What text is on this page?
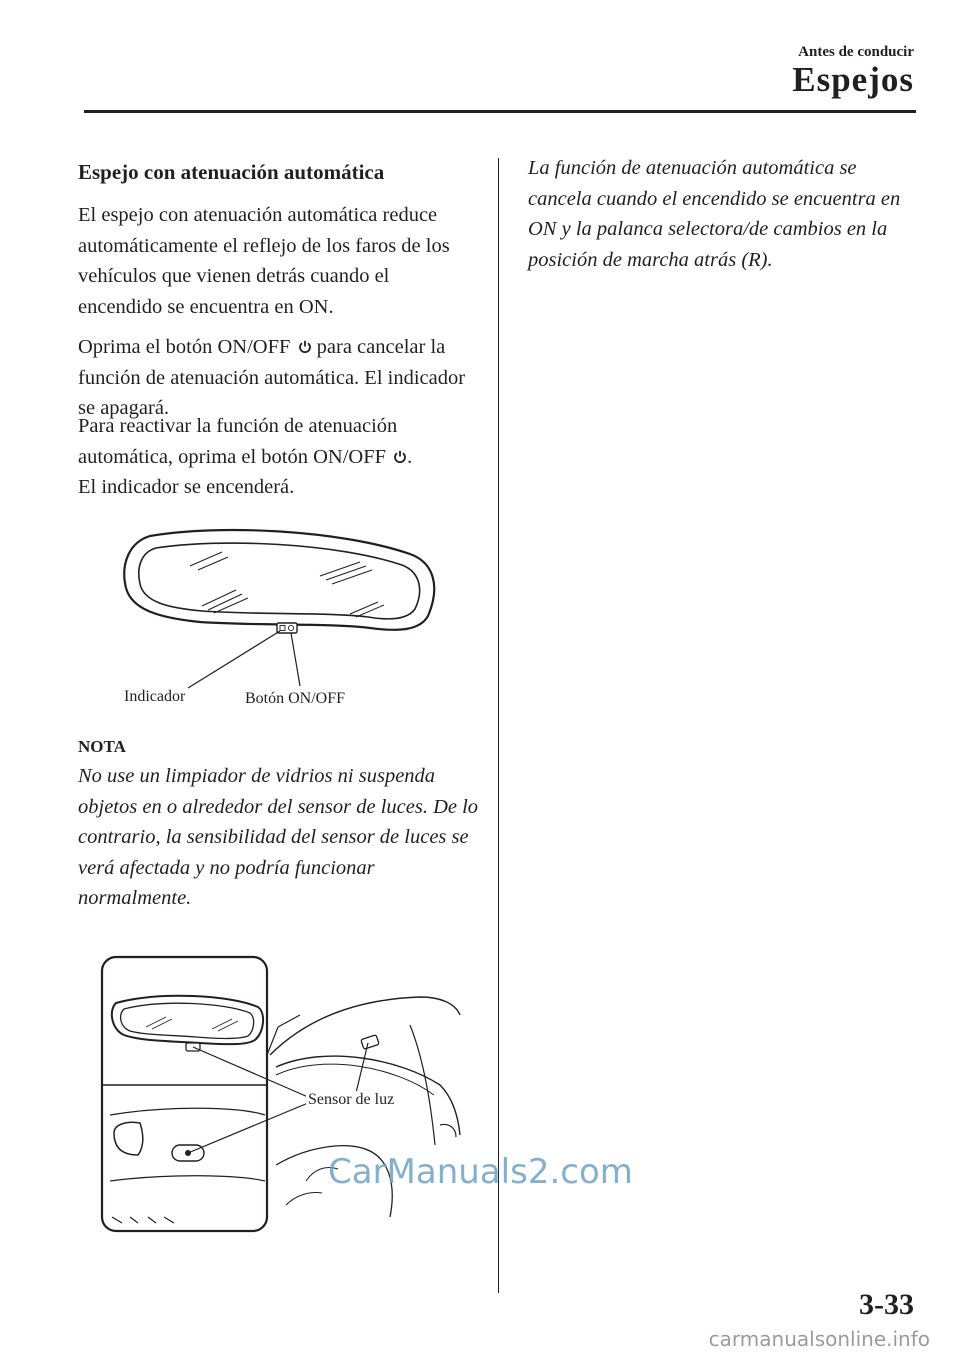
Antes de conducir
Espejos
Espejo con atenuación automática
El espejo con atenuación automática reduce automáticamente el reflejo de los faros de los vehículos que vienen detrás cuando el encendido se encuentra en ON.
Oprima el botón ON/OFF para cancelar la función de atenuación automática. El indicador se apagará.
Para reactivar la función de atenuación automática, oprima el botón ON/OFF .
El indicador se encenderá.
Indicador	Botón ON/OFF
NOTA
No use un limpiador de vidrios ni suspenda objetos en o alrededor del sensor de luces. De lo contrario, la sensibilidad del sensor de luces se verá afectada y no podría funcionar normalmente.
Sensor de luz
La función de atenuación automática se cancela cuando el encendido se encuentra en ON y la palanca selectora/de cambios en la posición de marcha atrás (R).
CarManuals2.com
3-33
carmanualsonline.info
